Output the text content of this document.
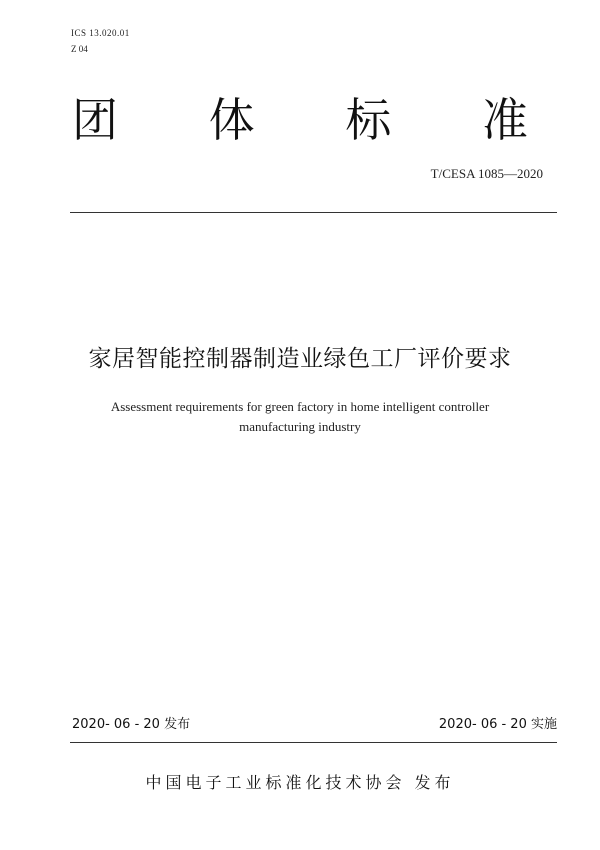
ICS 13.020.01
Z 04
团 体 标 准
T/CESA 1085—2020
家居智能控制器制造业绿色工厂评价要求
Assessment requirements for green factory in home intelligent controller
manufacturing industry
2020- 06 - 20 发布	2020- 06 - 20 实施
中国电子工业标准化技术协会 发布
